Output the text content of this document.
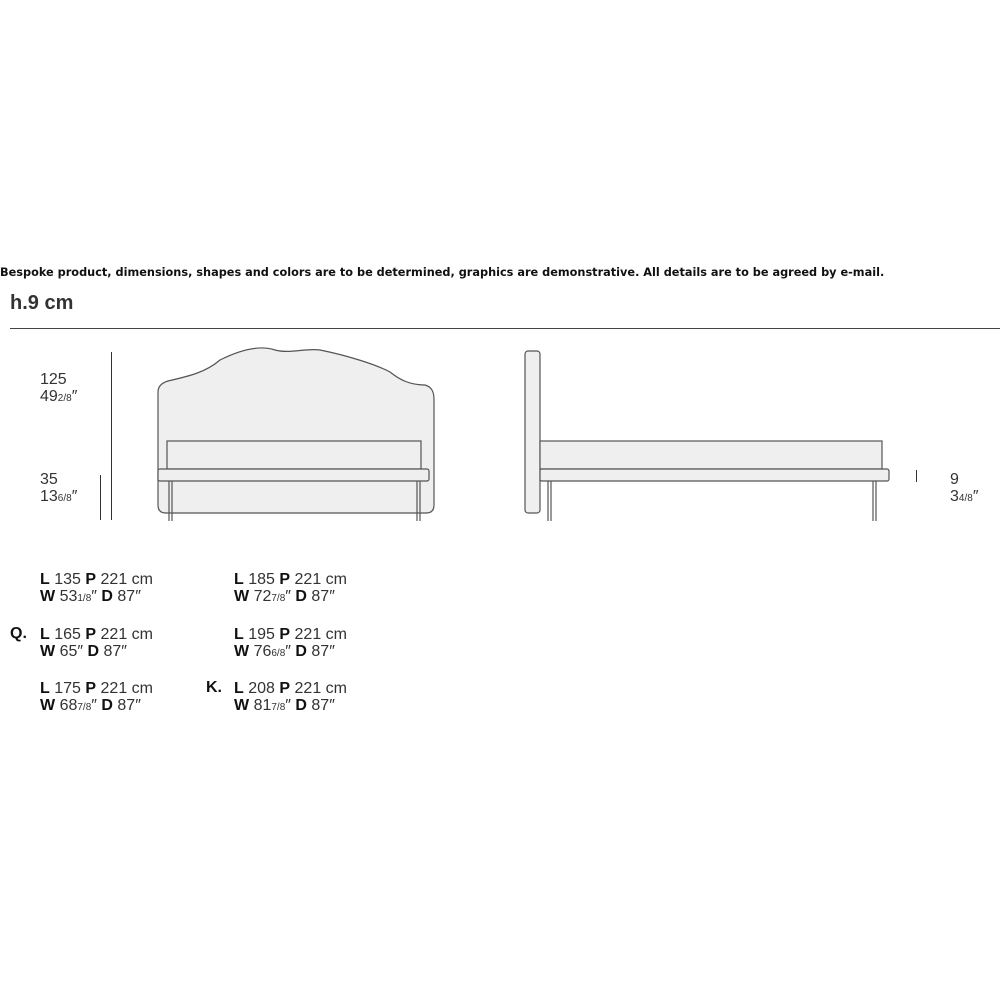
Bespoke product, dimensions, shapes and colors are to be determined, graphics are demonstrative. All details are to be agreed by e-mail.
h.9 cm
125
492/8″
35
136/8″
9
34/8″
L 135 P 221 cm
W 531/8″ D 87″
L 185 P 221 cm
W 727/8″ D 87″
Q. L 165 P 221 cm
W 65″ D 87″
L 195 P 221 cm
W 766/8″ D 87″
L 175 P 221 cm
W 687/8″ D 87″
K. L 208 P 221 cm
W 817/8″ D 87″
